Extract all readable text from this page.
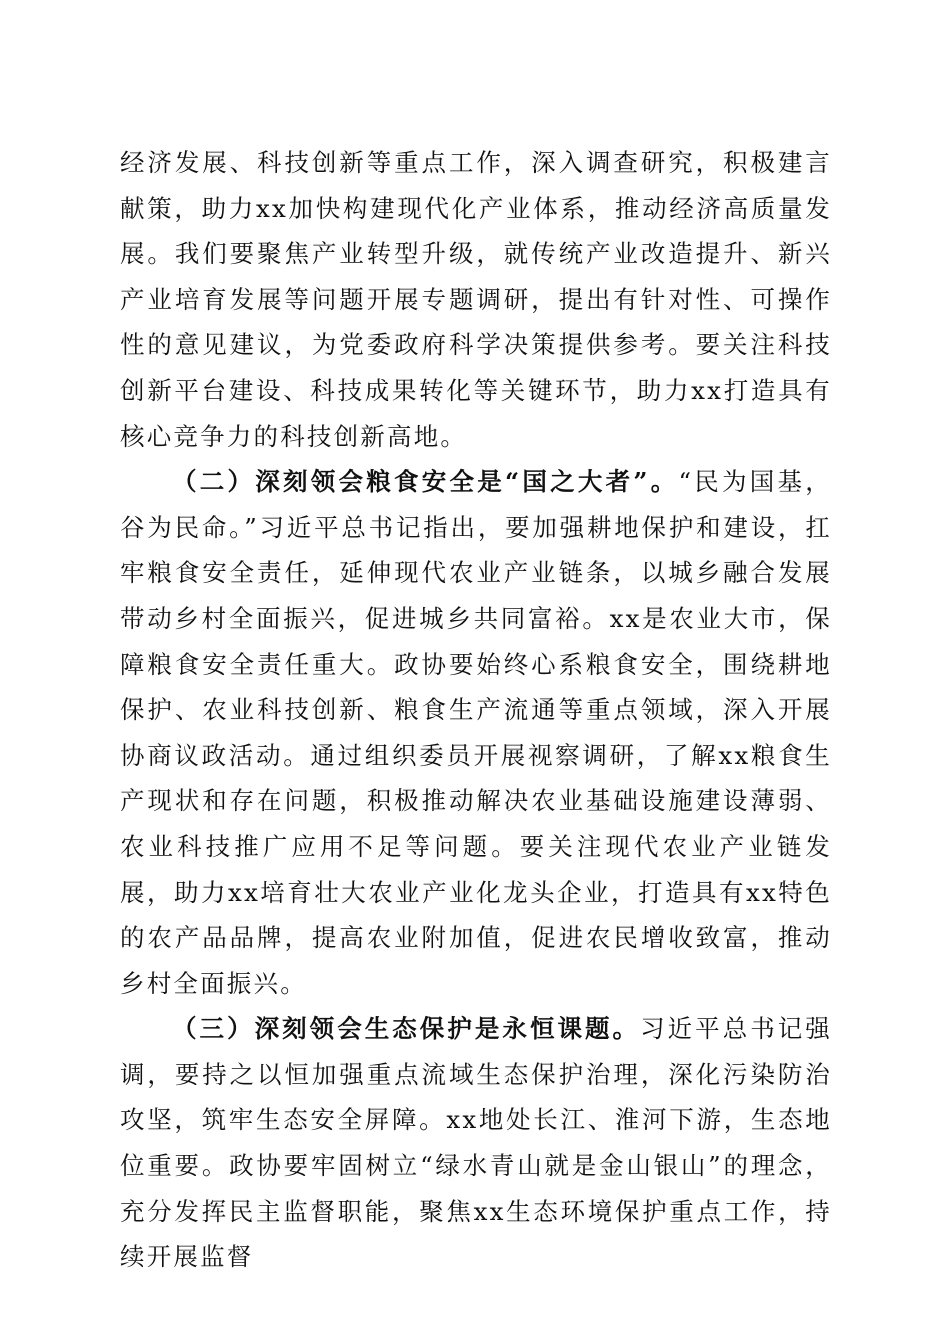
经济发展、科技创新等重点工作，深入调查研究，积极建言献策，助力xx加快构建现代化产业体系，推动经济高质量发展。我们要聚焦产业转型升级，就传统产业改造提升、新兴产业培育发展等问题开展专题调研，提出有针对性、可操作性的意见建议，为党委政府科学决策提供参考。要关注科技创新平台建设、科技成果转化等关键环节，助力xx打造具有核心竞争力的科技创新高地。

（二）深刻领会粮食安全是“国之大者”。“民为国基，谷为民命。”习近平总书记指出，要加强耕地保护和建设，扛牢粮食安全责任，延伸现代农业产业链条，以城乡融合发展带动乡村全面振兴，促进城乡共同富裕。xx是农业大市，保障粮食安全责任重大。政协要始终心系粮食安全，围绕耕地保护、农业科技创新、粮食生产流通等重点领域，深入开展协商议政活动。通过组织委员开展视察调研，了解xx粮食生产现状和存在问题，积极推动解决农业基础设施建设薄弱、农业科技推广应用不足等问题。要关注现代农业产业链发展，助力xx培育壮大农业产业化龙头企业，打造具有xx特色的农产品品牌，提高农业附加值，促进农民增收致富，推动乡村全面振兴。

（三）深刻领会生态保护是永恒课题。习近平总书记强调，要持之以恒加强重点流域生态保护治理，深化污染防治攻坚，筑牢生态安全屏障。xx地处长江、淮河下游，生态地位重要。政协要牢固树立“绿水青山就是金山银山”的理念，充分发挥民主监督职能，聚焦xx生态环境保护重点工作，持续开展监督
